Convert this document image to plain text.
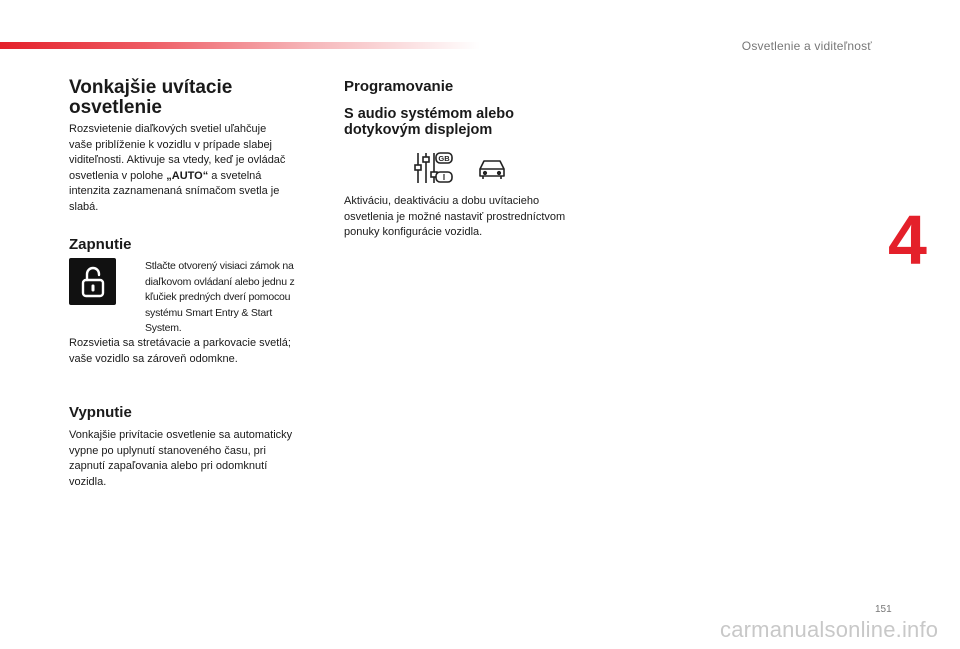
Osvetlenie a viditeľnosť
4
Vonkajšie uvítacie osvetlenie

Rozsvietenie diaľkových svetiel uľahčuje
vaše priblíženie k vozidlu v prípade slabej
viditeľnosti. Aktivuje sa vtedy, keď je ovládač
osvetlenia v polohe „AUTO“ a svetelná
intenzita zaznamenaná snímačom svetla je
slabá.

Zapnutie

Stlačte otvorený visiaci zámok na
diaľkovom ovládaní alebo jednu z
kľučiek predných dverí pomocou
systému Smart Entry & Start
System.

Rozsvietia sa stretávacie a parkovacie svetlá;
vaše vozidlo sa zároveň odomkne.

Vypnutie

Vonkajšie privítacie osvetlenie sa automaticky
vypne po uplynutí stanoveného času, pri
zapnutí zapaľovania alebo pri odomknutí
vozidla.

Programovanie
S audio systémom alebo
dotykovým displejom
GB
I

Aktiváciu, deaktiváciu a dobu uvítacieho
osvetlenia je možné nastaviť prostredníctvom
ponuky konfigurácie vozidla.

151
carmanualsonline.info
